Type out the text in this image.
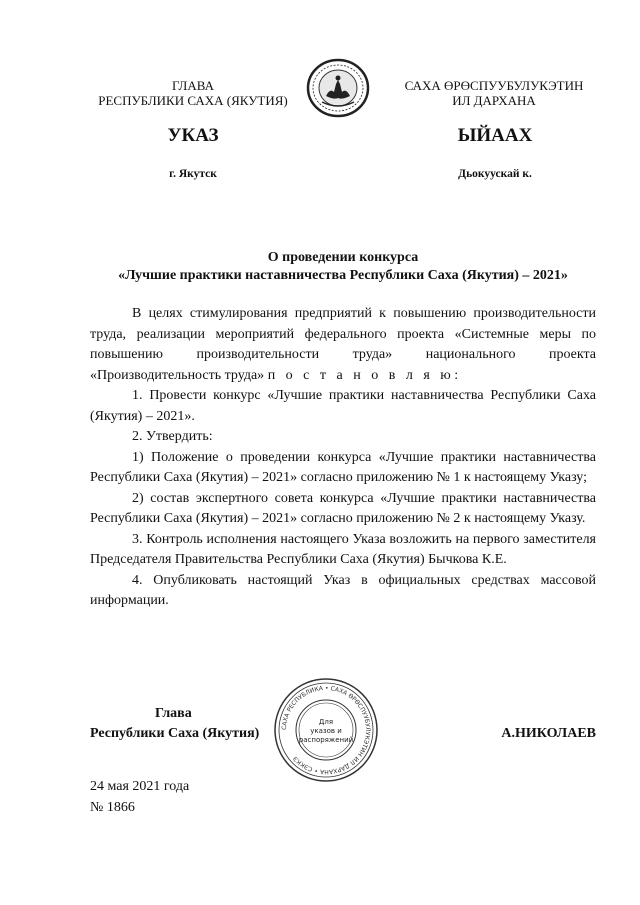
ГЛАВА
РЕСПУБЛИКИ САХА (ЯКУТИЯ)
САХА ӨРӨСПУУБУЛУКЭТИН
ИЛ ДАРХАНА
УКАЗ	ЫЙААХ
г. Якутск	Дьокуускай к.
О проведении конкурса
«Лучшие практики наставничества Республики Саха (Якутия) – 2021»

В целях стимулирования предприятий к повышению производительности труда, реализации мероприятий федерального проекта «Системные меры по повышению производительности труда» национального проекта «Производительность труда» п о с т а н о в л я ю:

1. Провести конкурс «Лучшие практики наставничества Республики Саха (Якутия) – 2021».

2. Утвердить:

1) Положение о проведении конкурса «Лучшие практики наставничества Республики Саха (Якутия) – 2021» согласно приложению № 1 к настоящему Указу;

2) состав экспертного совета конкурса «Лучшие практики наставничества Республики Саха (Якутия) – 2021» согласно приложению № 2 к настоящему Указу.

3. Контроль исполнения настоящего Указа возложить на первого заместителя Председателя Правительства Республики Саха (Якутия) Бычкова К.Е.

4. Опубликовать настоящий Указ в официальных средствах массовой информации.

Глава
Республики Саха (Якутия)	САХА РЕСПУБЛИКА • САХА ӨРӨСПУУБУЛУКЭТИН ИЛ ДАРХАНА • СЭККЭ
Для
указов и
распоряжений	А.НИКОЛАЕВ
24 мая 2021 года
№ 1866
